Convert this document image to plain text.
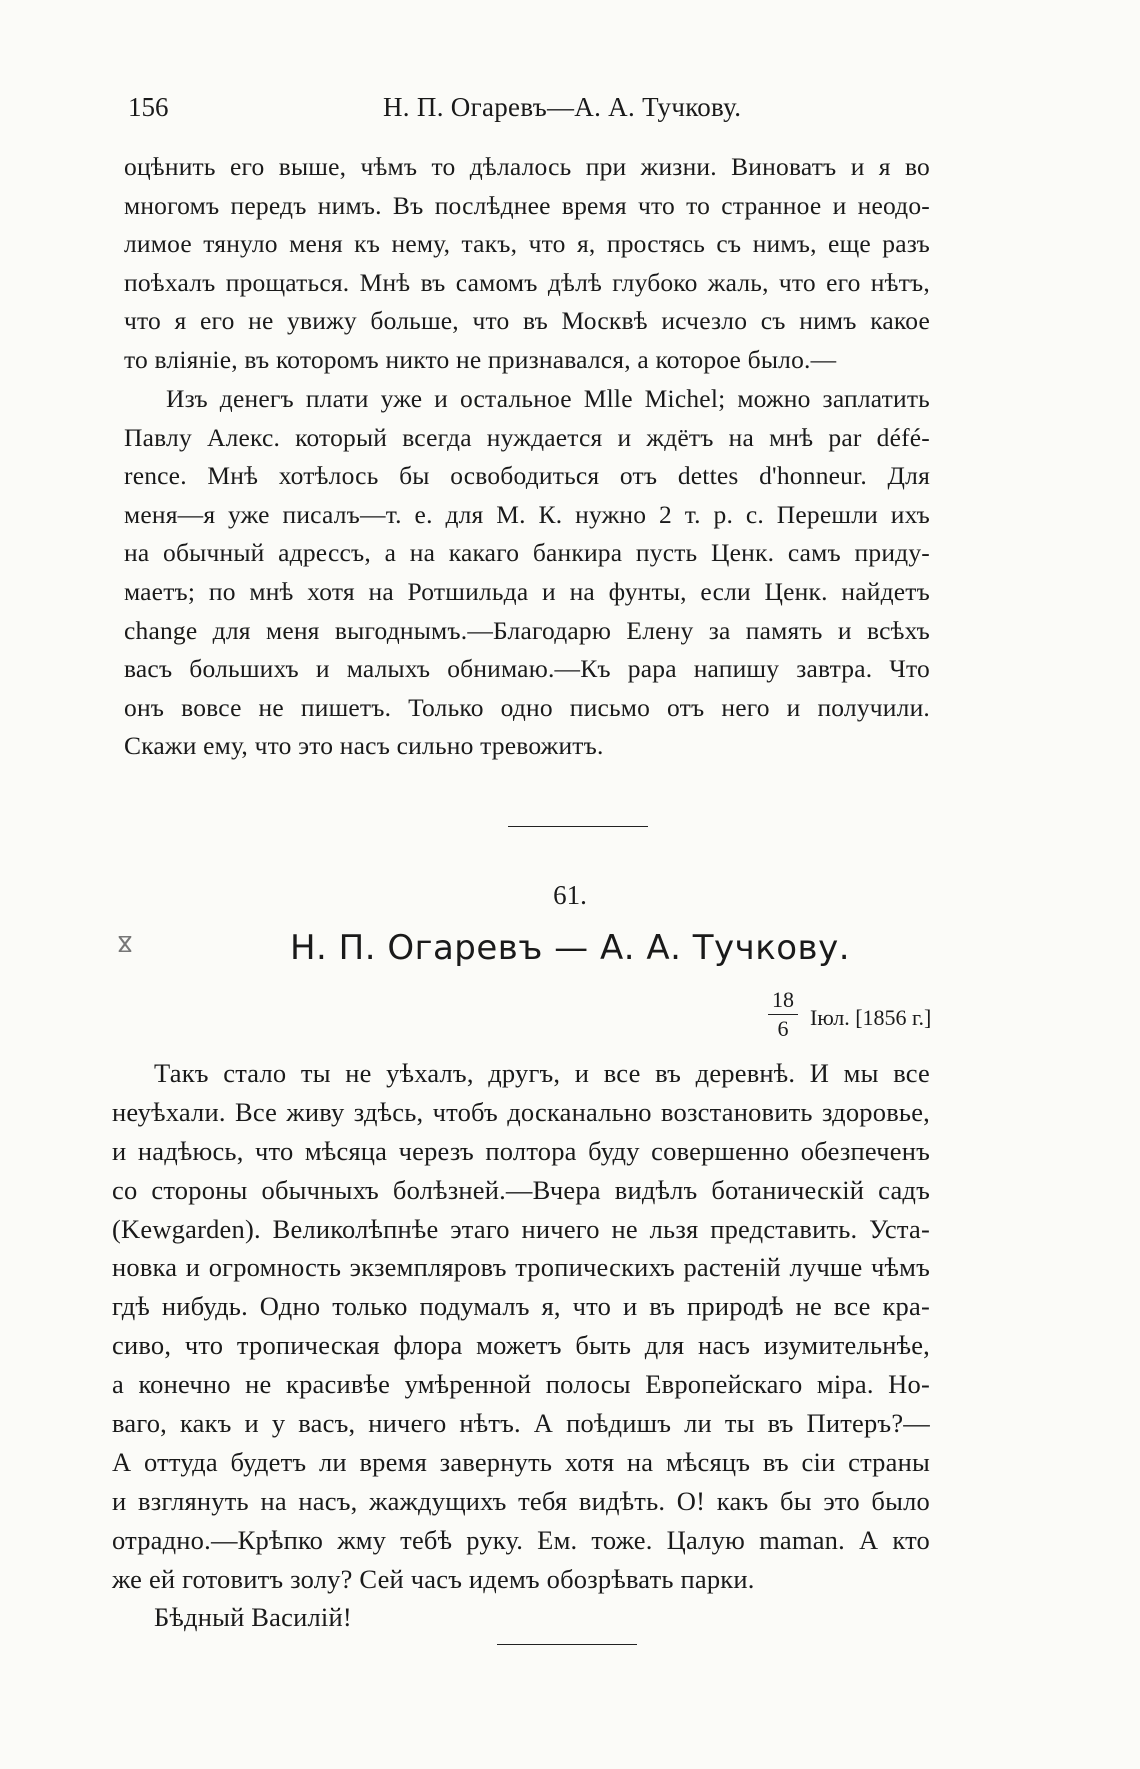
156	Н. П. Огаревъ—А. А. Тучкову.
оцѣнить его выше, чѣмъ то дѣлалось при жизни. Виноватъ и я во
многомъ передъ нимъ. Въ послѣднее время что то странное и неодо-
лимое тянуло меня къ нему, такъ, что я, простясь съ нимъ, еще разъ
поѣхалъ прощаться. Мнѣ въ самомъ дѣлѣ глубоко жаль, что его нѣтъ,
что я его не увижу больше, что въ Москвѣ исчезло съ нимъ какое
то вліяніе, въ которомъ никто не признавался, а которое было.—
Изъ денегъ плати уже и остальное Mlle Michel; можно заплатить
Павлу Алекс. который всегда нуждается и ждётъ на мнѣ par défé-
rence. Мнѣ хотѣлось бы освободиться отъ dettes d'honneur. Для
меня—я уже писалъ—т. е. для М. К. нужно 2 т. р. с. Перешли ихъ
на обычный адрессъ, а на какаго банкира пусть Ценк. самъ приду-
маетъ; по мнѣ хотя на Ротшильда и на фунты, если Ценк. найдетъ
change для меня выгоднымъ.—Благодарю Елену за память и всѣхъ
васъ большихъ и малыхъ обнимаю.—Къ papa напишу завтра. Что
онъ вовсе не пишетъ. Только одно письмо отъ него и получили.
Скажи ему, что это насъ сильно тревожитъ.
61.
ⴵ	Н. П. Огаревъ — А. А. Тучкову.
$\frac{18}{6}$ Іюл. [1856 г.]
Такъ стало ты не уѣхалъ, другъ, и все въ деревнѣ. И мы все
неуѣхали. Все живу здѣсь, чтобъ досканально возстановить здоровье,
и надѣюсь, что мѣсяца черезъ полтора буду совершенно обезпеченъ
со стороны обычныхъ болѣзней.—Вчера видѣлъ ботаническій садъ
(Kewgarden). Великолѣпнѣе этаго ничего не льзя представить. Уста-
новка и огромность экземпляровъ тропическихъ растеній лучше чѣмъ
гдѣ нибудь. Одно только подумалъ я, что и въ природѣ не все кра-
сиво, что тропическая флора можетъ быть для насъ изумительнѣе,
а конечно не красивѣе умѣренной полосы Европейскаго міра. Но-
ваго, какъ и у васъ, ничего нѣтъ. А поѣдишъ ли ты въ Питеръ?—
А оттуда будетъ ли время завернуть хотя на мѣсяцъ въ сіи страны
и взглянуть на насъ, жаждущихъ тебя видѣть. О! какъ бы это было
отрадно.—Крѣпко жму тебѣ руку. Ем. тоже. Цалую maman. А кто
же ей готовитъ золу? Сей часъ идемъ обозрѣвать парки.
Бѣдный Василій!
